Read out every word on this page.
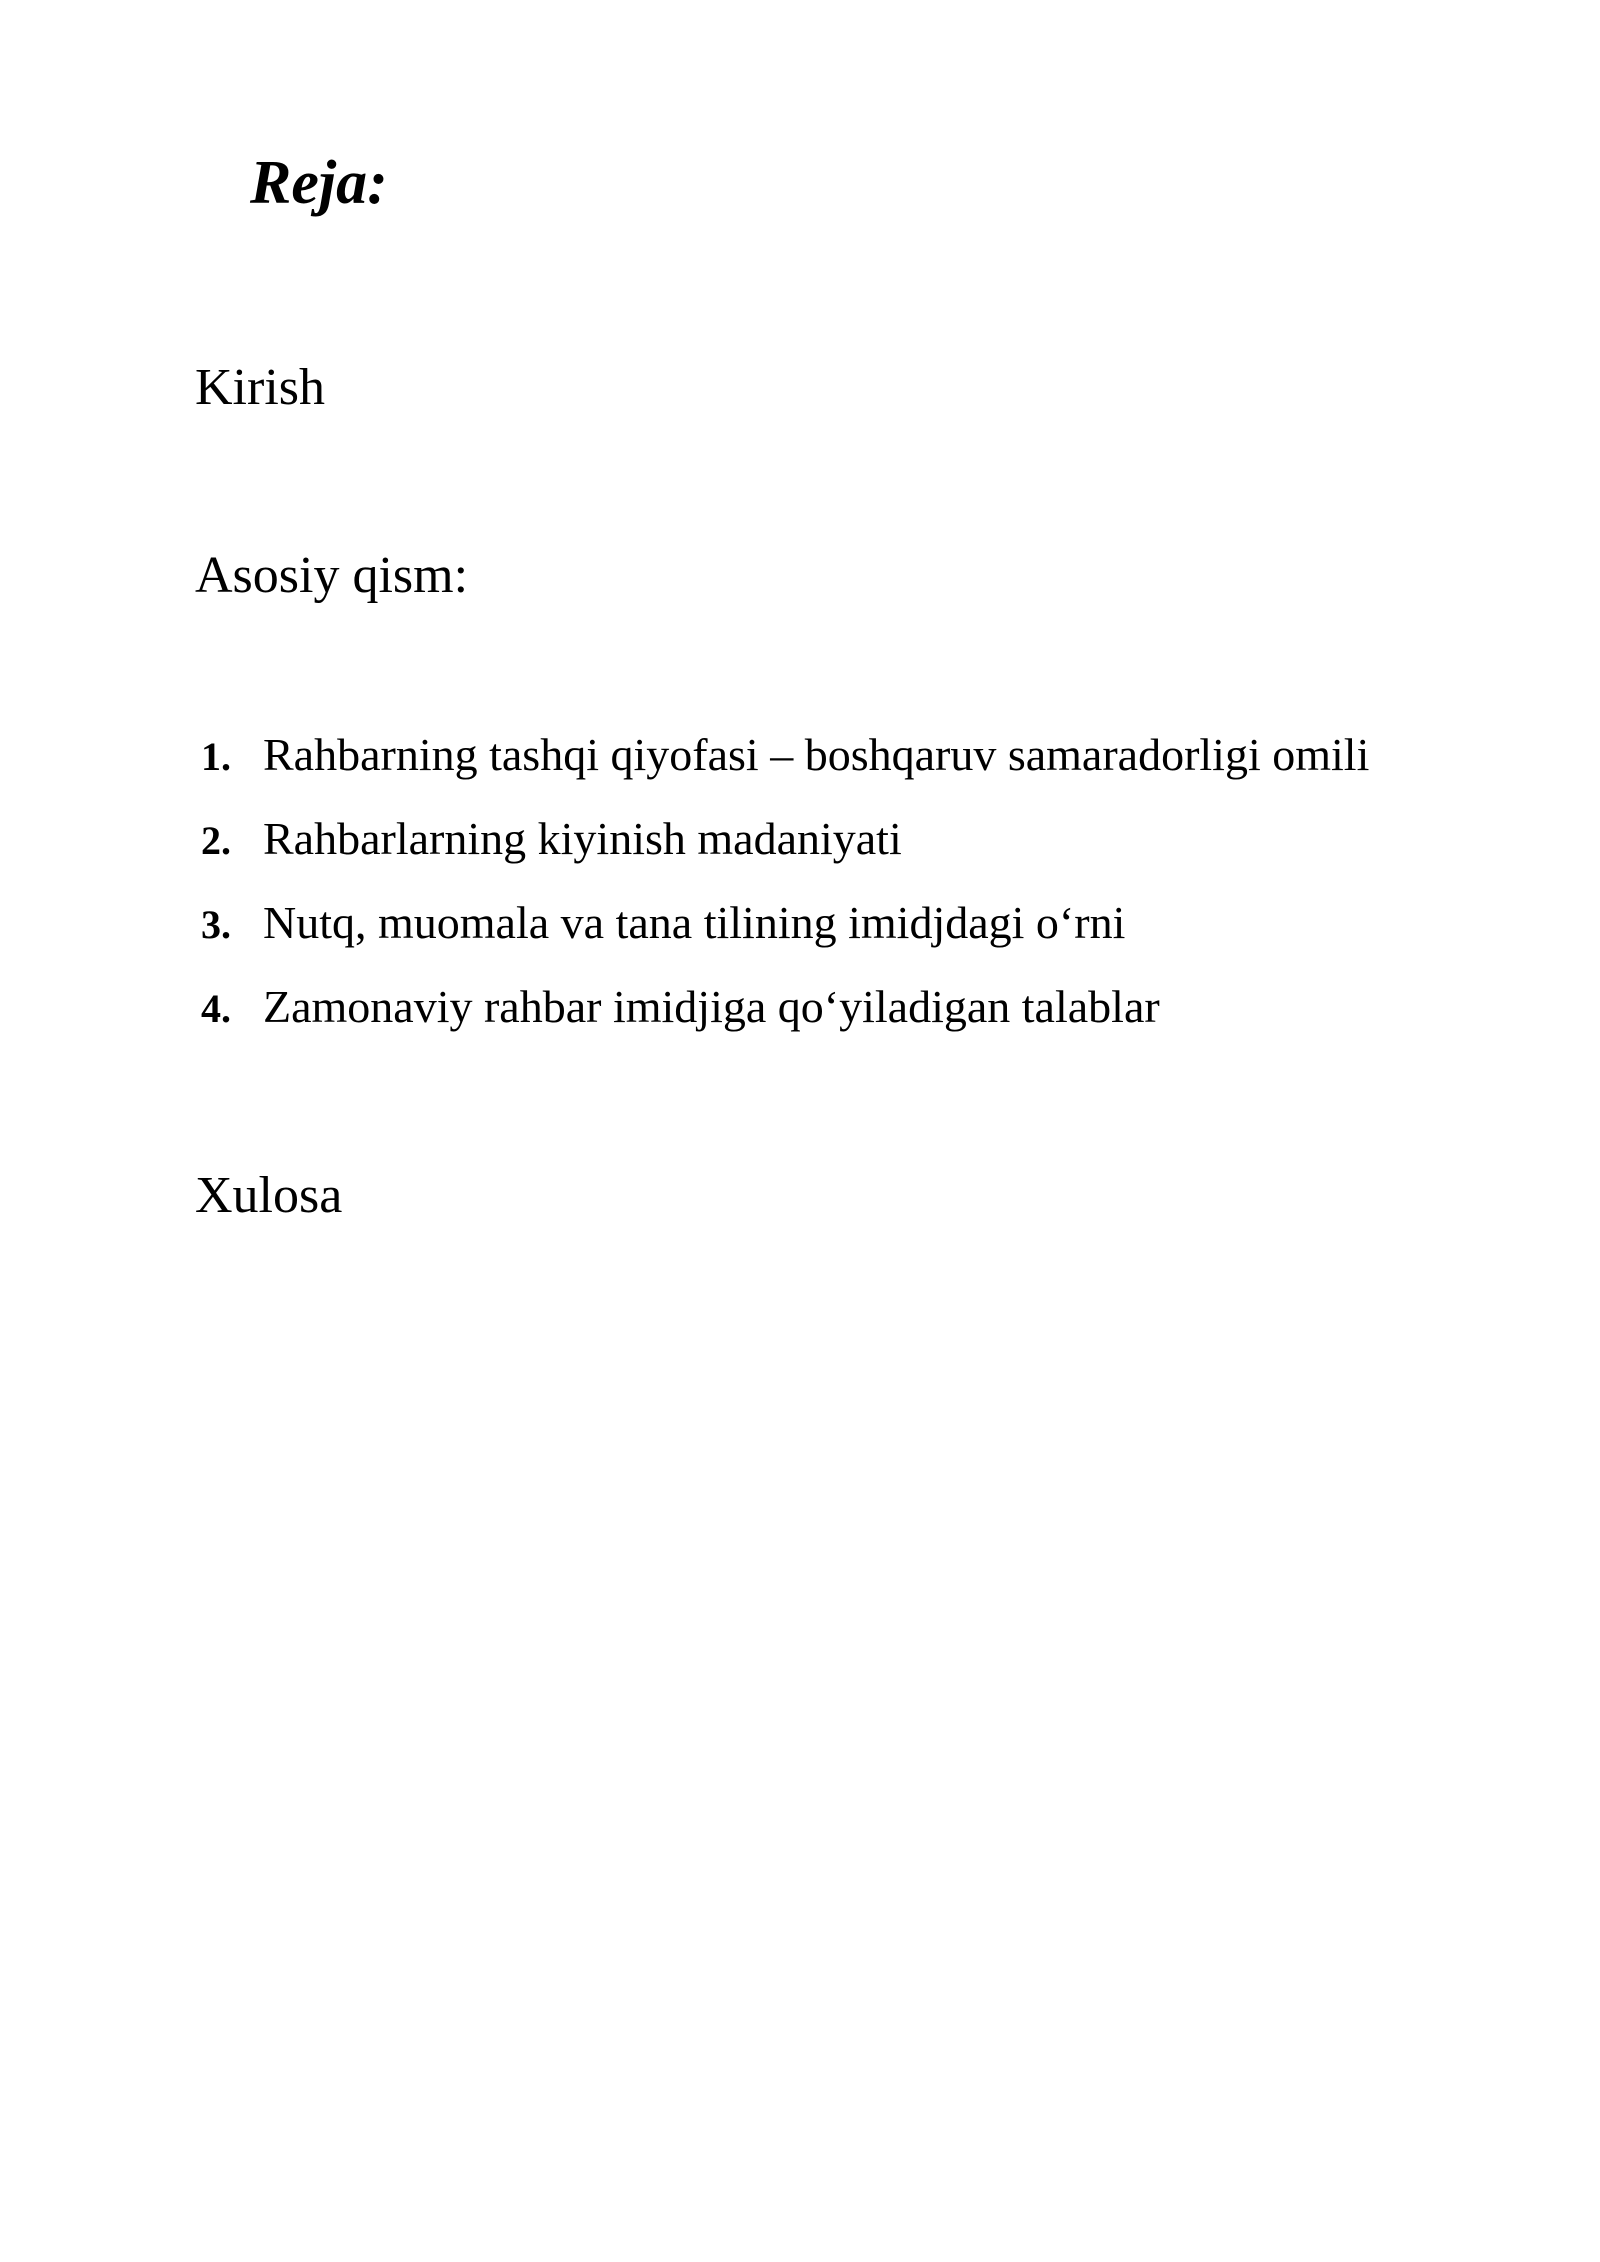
Reja:

Kirish

Asosiy qism:

1. Rahbarning tashqi qiyofasi – boshqaruv samaradorligi omili
2. Rahbarlarning kiyinish madaniyati
3. Nutq, muomala va tana tilining imidjdagi o‘rni
4. Zamonaviy rahbar imidjiga qo‘yiladigan talablar

Xulosa
